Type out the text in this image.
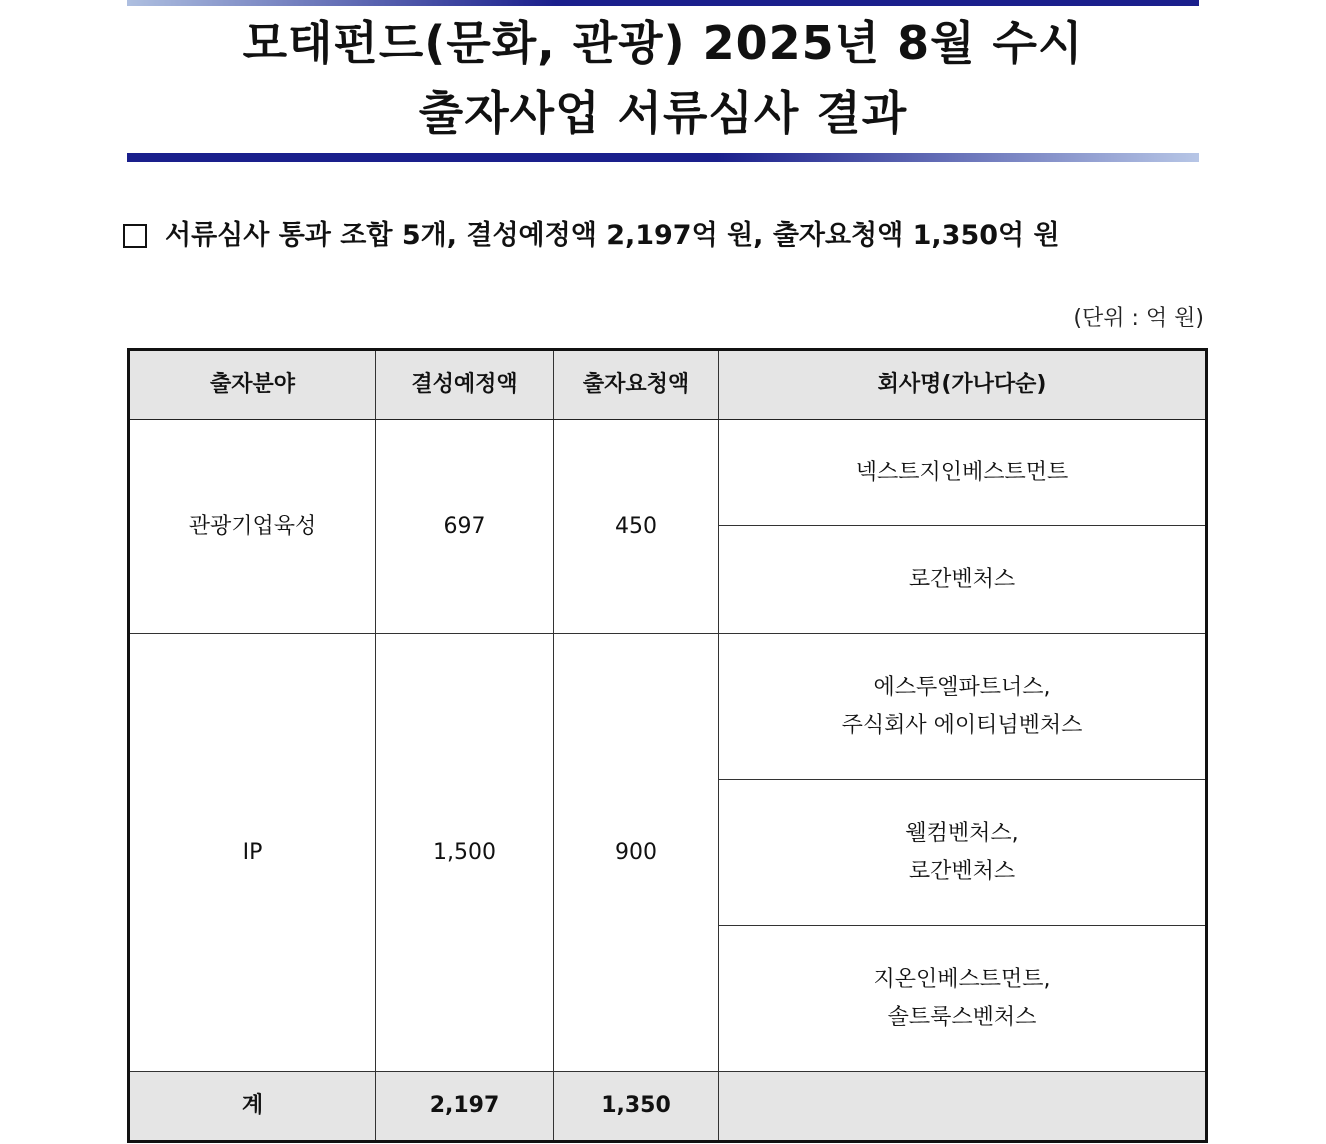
모태펀드(문화, 관광) 2025년 8월 수시
출자사업 서류심사 결과
서류심사 통과 조합 5개, 결성예정액 2,197억 원, 출자요청액 1,350억 원
(단위 : 억 원)
출자분야	결성예정액	출자요청액	회사명(가나다순)
관광기업육성	697	450	넥스트지인베스트먼트

			로간벤처스

IP	1,500	900	에스투엘파트너스,
주식회사 에이티넘벤처스

			웰컴벤처스,
로간벤처스

			지온인베스트먼트,
솔트룩스벤처스

계	2,197	1,350	
